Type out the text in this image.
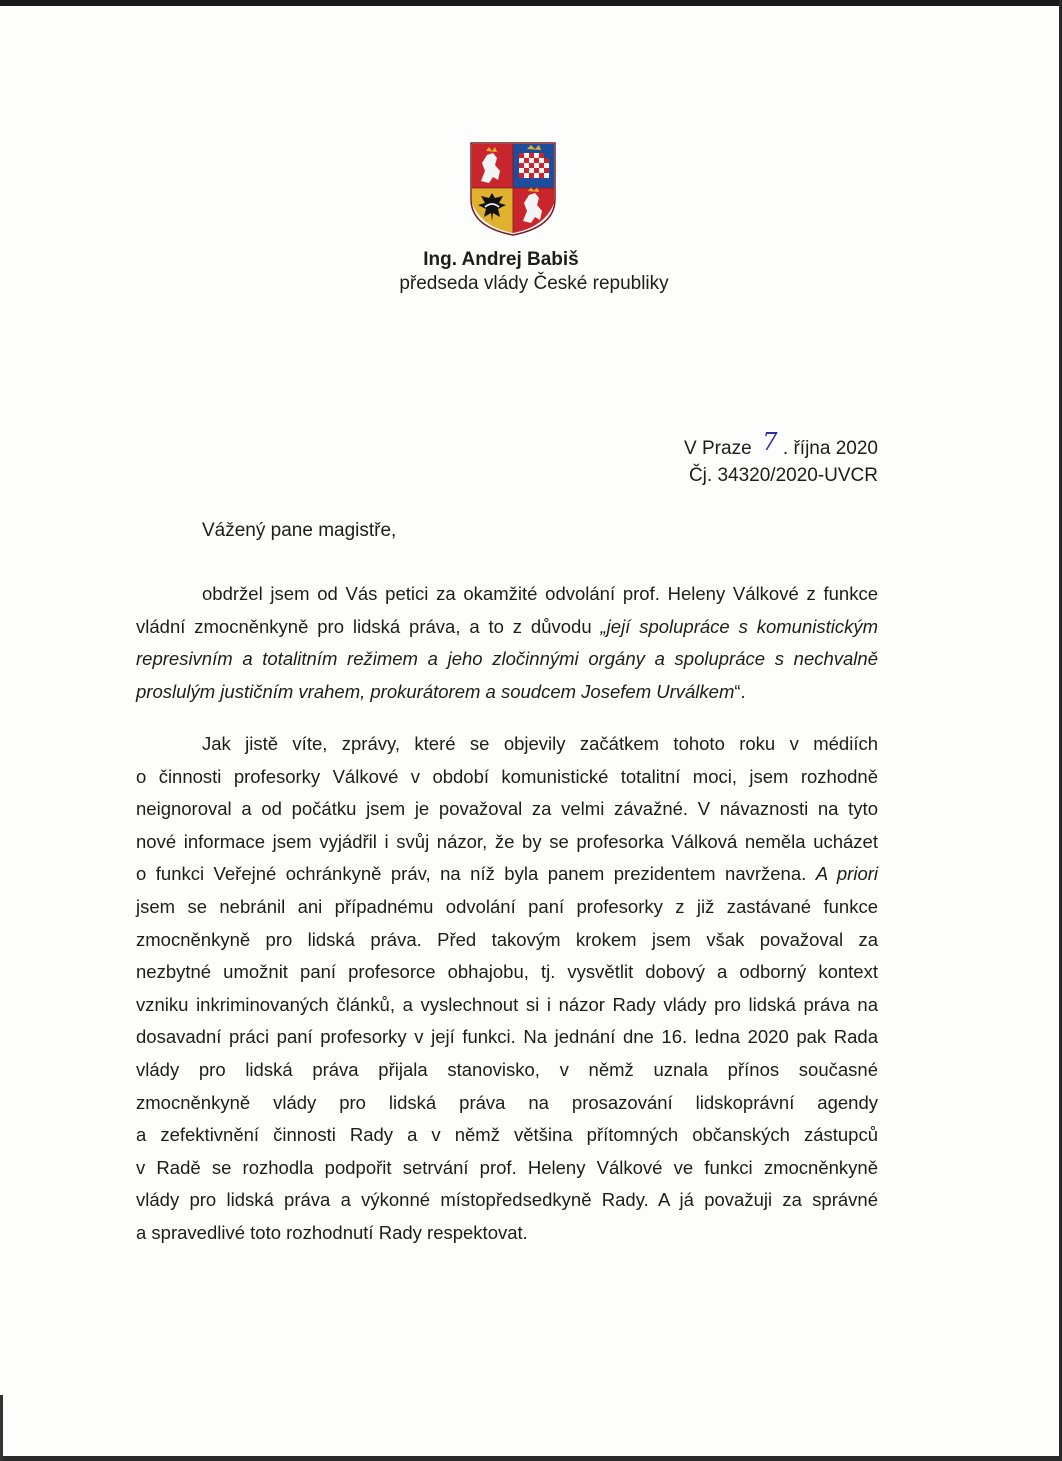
Ing. Andrej Babiš
předseda vlády České republiky
V Praze 7 . října 2020
Čj. 34320/2020-UVCR
Vážený pane magistře,
obdržel jsem od Vás petici za okamžité odvolání prof. Heleny Válkové z funkce
vládní zmocněnkyně pro lidská práva, a to z důvodu „její spolupráce s komunistickým
represivním a totalitním režimem a jeho zločinnými orgány a spolupráce s nechvalně
proslulým justičním vrahem, prokurátorem a soudcem Josefem Urválkem“.
Jak jistě víte, zprávy, které se objevily začátkem tohoto roku v médiích
o činnosti profesorky Válkové v období komunistické totalitní moci, jsem rozhodně
neignoroval a od počátku jsem je považoval za velmi závažné. V návaznosti na tyto
nové informace jsem vyjádřil i svůj názor, že by se profesorka Válková neměla ucházet
o funkci Veřejné ochránkyně práv, na níž byla panem prezidentem navržena. A priori
jsem se nebránil ani případnému odvolání paní profesorky z již zastávané funkce
zmocněnkyně pro lidská práva. Před takovým krokem jsem však považoval za
nezbytné umožnit paní profesorce obhajobu, tj. vysvětlit dobový a odborný kontext
vzniku inkriminovaných článků, a vyslechnout si i názor Rady vlády pro lidská práva na
dosavadní práci paní profesorky v její funkci. Na jednání dne 16. ledna 2020 pak Rada
vlády pro lidská práva přijala stanovisko, v němž uznala přínos současné
zmocněnkyně vlády pro lidská práva na prosazování lidskoprávní agendy
a zefektivnění činnosti Rady a v němž většina přítomných občanských zástupců
v Radě se rozhodla podpořit setrvání prof. Heleny Válkové ve funkci zmocněnkyně
vlády pro lidská práva a výkonné místopředsedkyně Rady. A já považuji za správné
a spravedlivé toto rozhodnutí Rady respektovat.
